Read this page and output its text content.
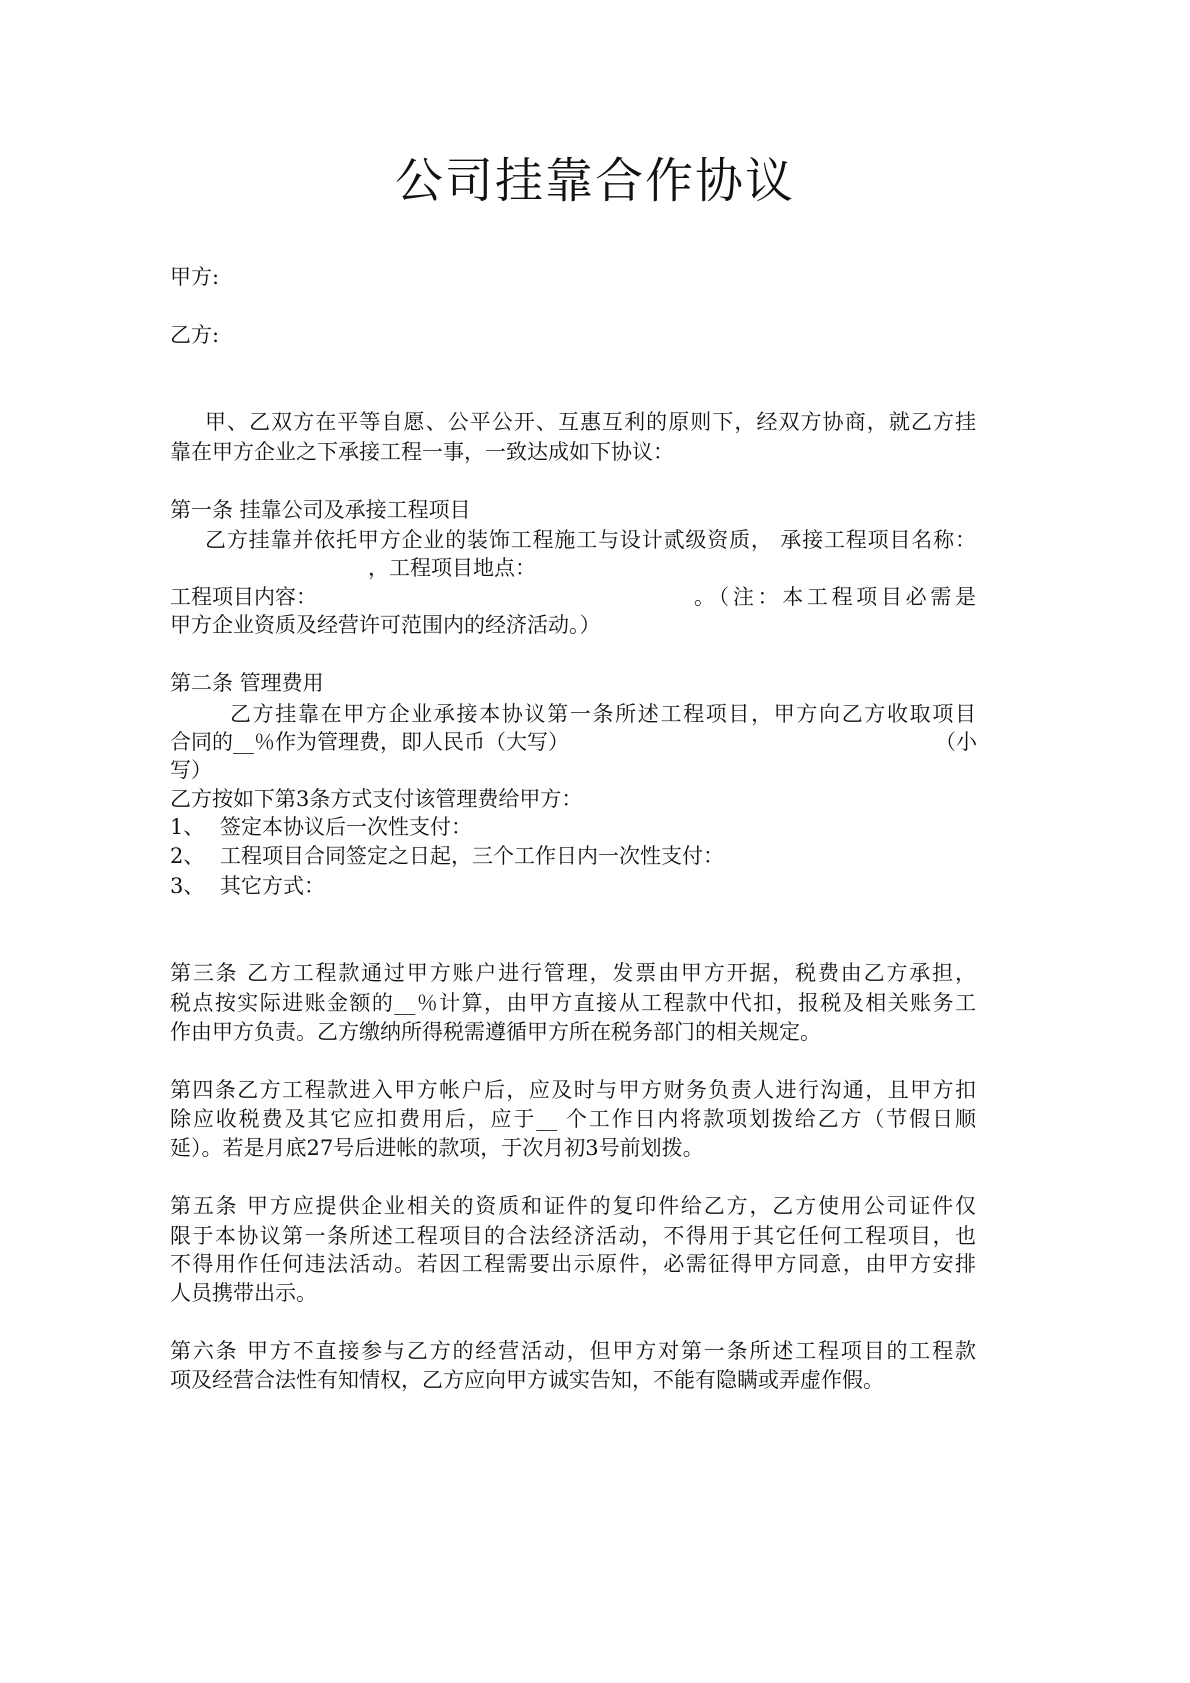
公司挂靠合作协议
甲方:
乙方:
甲、乙双方在平等自愿、公平公开、互惠互利的原则下，经双方协商，就乙方挂
靠在甲方企业之下承接工程一事，一致达成如下协议：
第一条 挂靠公司及承接工程项目
乙方挂靠并依托甲方企业的装饰工程施工与设计贰级资质， 承接工程项目名称：
，工程项目地点：
工程项目内容：	。（注：本工程项目必需是
甲方企业资质及经营许可范围内的经济活动。）
第二条 管理费用
乙方挂靠在甲方企业承接本协议第一条所述工程项目，甲方向乙方收取项目
合同的__％作为管理费，即人民币（大写）	（小
写）
乙方按如下第3条方式支付该管理费给甲方：
1、 签定本协议后一次性支付：
2、 工程项目合同签定之日起，三个工作日内一次性支付：
3、 其它方式：
第三条 乙方工程款通过甲方账户进行管理，发票由甲方开据，税费由乙方承担，
税点按实际进账金额的__％计算，由甲方直接从工程款中代扣，报税及相关账务工
作由甲方负责。乙方缴纳所得税需遵循甲方所在税务部门的相关规定。
第四条乙方工程款进入甲方帐户后，应及时与甲方财务负责人进行沟通，且甲方扣
除应收税费及其它应扣费用后，应于__ 个工作日内将款项划拨给乙方（节假日顺
延）。若是月底27号后进帐的款项，于次月初3号前划拨。
第五条 甲方应提供企业相关的资质和证件的复印件给乙方，乙方使用公司证件仅
限于本协议第一条所述工程项目的合法经济活动，不得用于其它任何工程项目，也
不得用作任何违法活动。若因工程需要出示原件，必需征得甲方同意，由甲方安排
人员携带出示。
第六条 甲方不直接参与乙方的经营活动，但甲方对第一条所述工程项目的工程款
项及经营合法性有知情权，乙方应向甲方诚实告知，不能有隐瞒或弄虚作假。
